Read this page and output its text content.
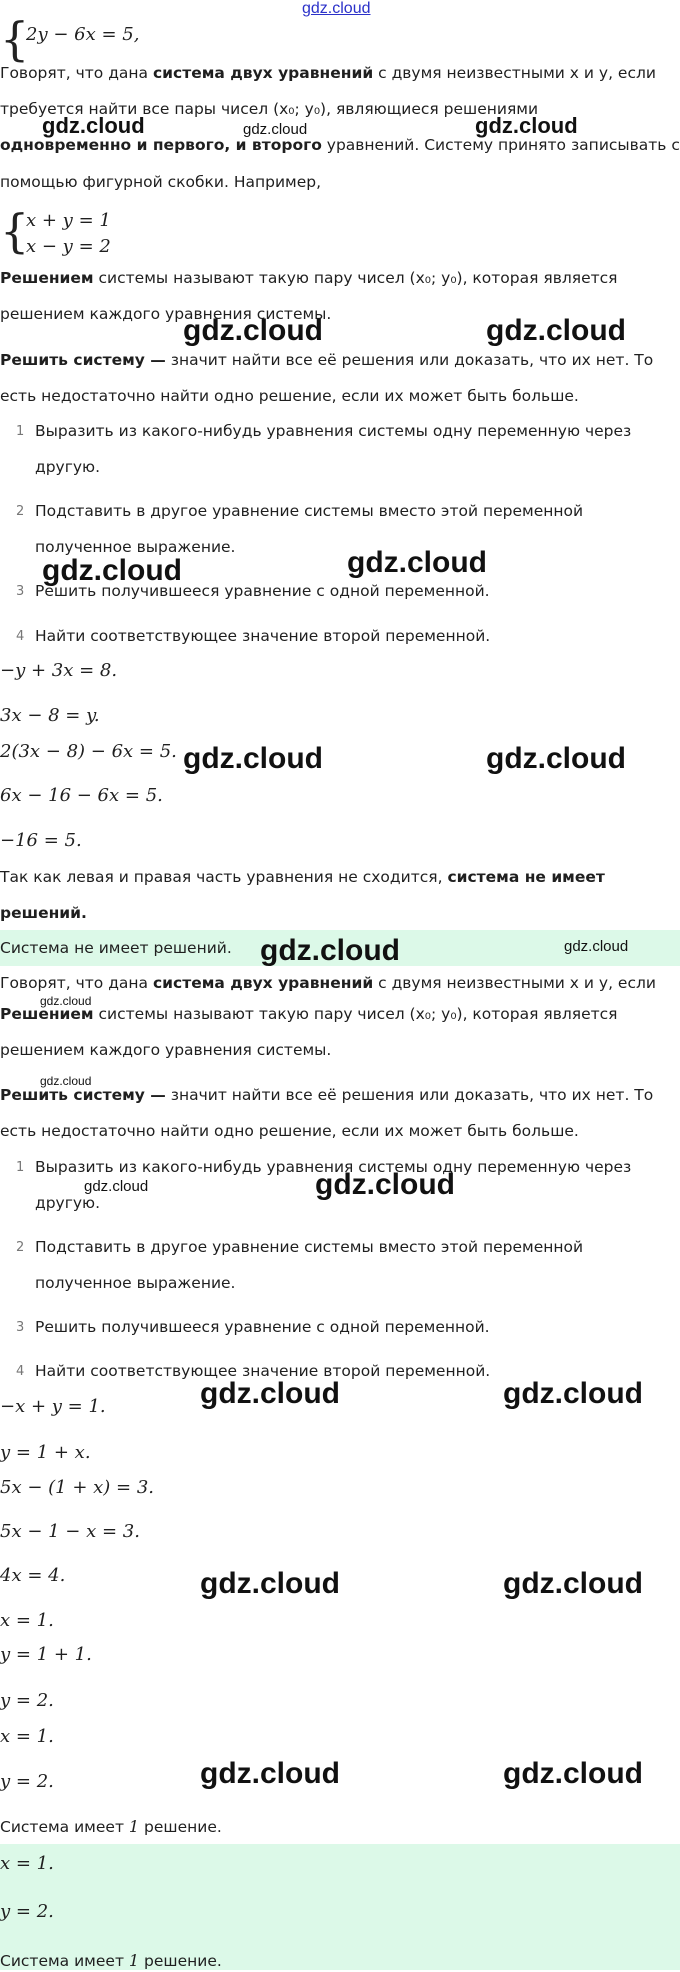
gdz.cloud
{
2y − 6x = 5,
Говорят, что дана система двух уравнений с двумя неизвестными x и y, если
требуется найти все пары чисел (x₀; y₀), являющиеся решениями
одновременно и первого, и второго уравнений. Систему принято записывать с
помощью фигурной скобки. Например,
{
x + y = 1
x − y = 2
Решением системы называют такую пару чисел (x₀; y₀), которая является
решением каждого уравнения системы.
Решить систему — значит найти все её решения или доказать, что их нет. То
есть недостаточно найти одно решение, если их может быть больше.
1 Выразить из какого-нибудь уравнения системы одну переменную через
другую.
2 Подставить в другое уравнение системы вместо этой переменной
полученное выражение.
3 Решить получившееся уравнение с одной переменной.
4 Найти соответствующее значение второй переменной.
−y + 3x = 8.
3x − 8 = y.
2(3x − 8) − 6x = 5.
6x − 16 − 6x = 5.
−16 = 5.
Так как левая и правая часть уравнения не сходится, система не имеет
решений.
Система не имеет решений.
Говорят, что дана система двух уравнений с двумя неизвестными x и y, если
Решением системы называют такую пару чисел (x₀; y₀), которая является
решением каждого уравнения системы.
Решить систему — значит найти все её решения или доказать, что их нет. То
есть недостаточно найти одно решение, если их может быть больше.
1 Выразить из какого-нибудь уравнения системы одну переменную через
другую.
2 Подставить в другое уравнение системы вместо этой переменной
полученное выражение.
3 Решить получившееся уравнение с одной переменной.
4 Найти соответствующее значение второй переменной.
−x + y = 1.
y = 1 + x.
5x − (1 + x) = 3.
5x − 1 − x = 3.
4x = 4.
x = 1.
y = 1 + 1.
y = 2.
x = 1.
y = 2.
Система имеет 1 решение.
x = 1.
y = 2.
Система имеет 1 решение.
gdz.cloud	gdz.cloud	gdz.cloud
gdz.cloud	gdz.cloud
gdz.cloud	gdz.cloud
gdz.cloud	gdz.cloud
gdz.cloud	gdz.cloud
gdz.cloud
gdz.cloud
gdz.cloud	gdz.cloud
gdz.cloud	gdz.cloud
gdz.cloud	gdz.cloud
gdz.cloud	gdz.cloud
